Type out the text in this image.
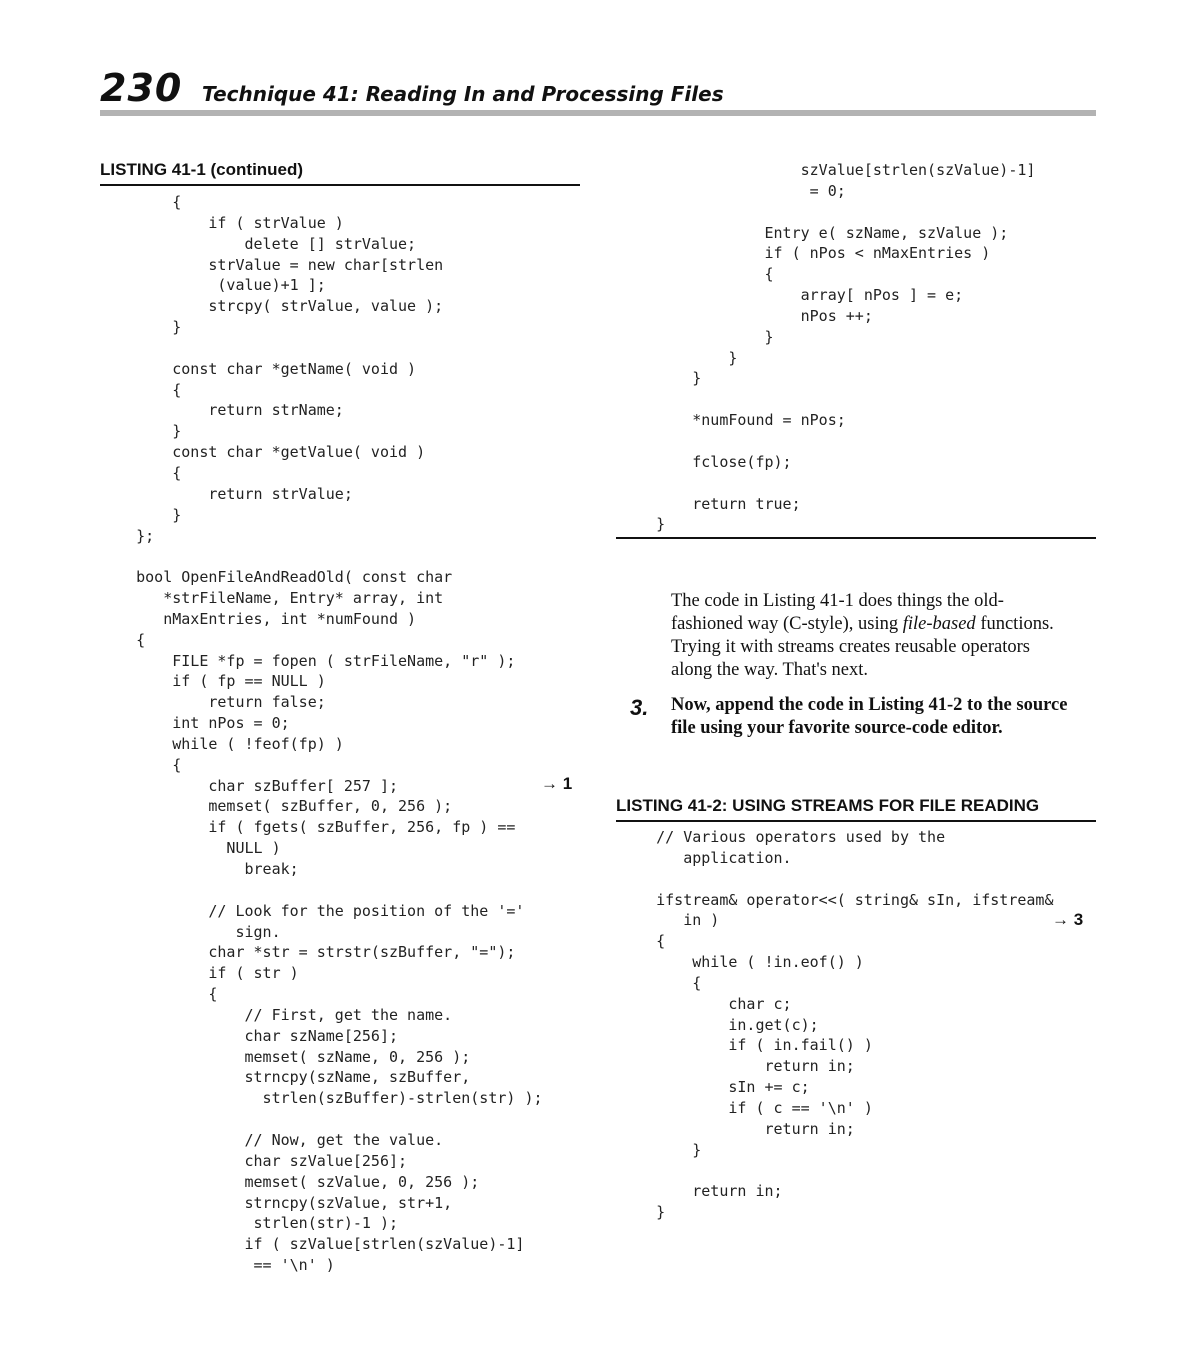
230 Technique 41: Reading In and Processing Files
LISTING 41-1 (continued)
{
if ( strValue )
delete [] strValue;
strValue = new char[strlen
(value)+1 ];
strcpy( strValue, value );
}

const char *getName( void )
{
return strName;
}
const char *getValue( void )
{
return strValue;
}
};

bool OpenFileAndReadOld( const char
*strFileName, Entry* array, int
nMaxEntries, int *numFound )
{
FILE *fp = fopen ( strFileName, "r" );
if ( fp == NULL )
return false;
int nPos = 0;
while ( !feof(fp) )
{
char szBuffer[ 257 ];
memset( szBuffer, 0, 256 );
if ( fgets( szBuffer, 256, fp ) ==
NULL )
break;

// Look for the position of the '='
sign.
char *str = strstr(szBuffer, "=");
if ( str )
{
// First, get the name.
char szName[256];
memset( szName, 0, 256 );
strncpy(szName, szBuffer,
strlen(szBuffer)-strlen(str) );

// Now, get the value.
char szValue[256];
memset( szValue, 0, 256 );
strncpy(szValue, str+1,
strlen(str)-1 );
if ( szValue[strlen(szValue)-1]
== '\n' )
→ 1
szValue[strlen(szValue)-1]
= 0;

Entry e( szName, szValue );
if ( nPos < nMaxEntries )
{
array[ nPos ] = e;
nPos ++;
}
}
}

*numFound = nPos;

fclose(fp);

return true;
}

The code in Listing 41-1 does things the old-fashioned way (C-style), using file-based functions. Trying it with streams creates reusable operators along the way. That's next.

3. Now, append the code in Listing 41-2 to the source file using your favorite source-code editor.

LISTING 41-2: USING STREAMS FOR FILE READING
// Various operators used by the
application.

ifstream& operator<<( string& sIn, ifstream&
in )
{
while ( !in.eof() )
{
char c;
in.get(c);
if ( in.fail() )
return in;
sIn += c;
if ( c == '\n' )
return in;
}

return in;
}
→ 3
